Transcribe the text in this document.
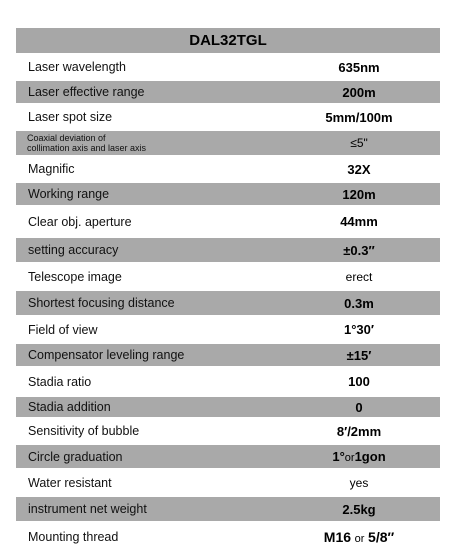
DAL32TGL
Laser wavelength	635nm
Laser effective range	200m
Laser spot size	5mm/100m
Coaxial deviation of
collimation axis and laser axis	≤5"
Magnific	32X
Working range	120m
Clear obj. aperture	44mm
setting accuracy	±0.3″
Telescope image	erect
Shortest focusing distance	0.3m
Field of view	1°30′
Compensator leveling range	±15′
Stadia ratio	100
Stadia addition	0
Sensitivity of bubble	8′/2mm
Circle graduation	1°or1gon
Water resistant	yes
instrument net weight	2.5kg
Mounting thread	M16 or 5/8″
